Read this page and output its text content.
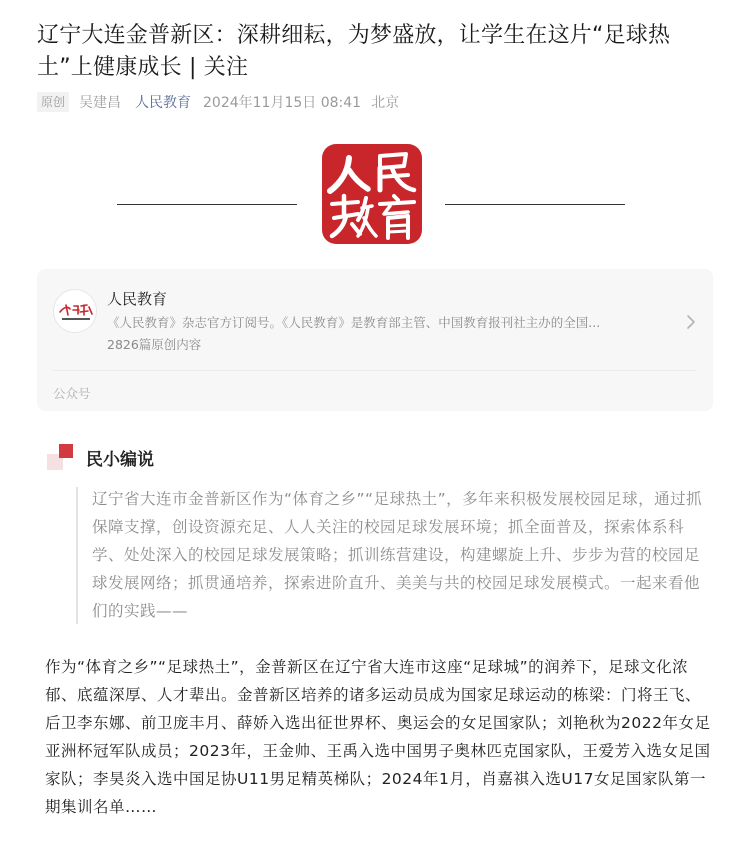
辽宁大连金普新区：深耕细耘，为梦盛放，让学生在这片“足球热土”上健康成长 | 关注
原创 吴建昌 人民教育 2024年11月15日 08:41 北京
人民教育
《人民教育》杂志官方订阅号。《人民教育》是教育部主管、中国教育报刊社主办的全国...
2826篇原创内容
公众号
民小编说

辽宁省大连市金普新区作为“体育之乡”“足球热土”，多年来积极发展校园足球，通过抓保障支撑，创设资源充足、人人关注的校园足球发展环境；抓全面普及，探索体系科学、处处深入的校园足球发展策略；抓训练营建设，构建螺旋上升、步步为营的校园足球发展网络；抓贯通培养，探索进阶直升、美美与共的校园足球发展模式。一起来看他们的实践——

作为“体育之乡”“足球热土”，金普新区在辽宁省大连市这座“足球城”的润养下，足球文化浓郁、底蕴深厚、人才辈出。金普新区培养的诸多运动员成为国家足球运动的栋梁：门将王飞、后卫李东娜、前卫庞丰月、薛娇入选出征世界杯、奥运会的女足国家队；刘艳秋为2022年女足亚洲杯冠军队成员；2023年，王金帅、王禹入选中国男子奥林匹克国家队，王爱芳入选女足国家队；李昊炎入选中国足协U11男足精英梯队；2024年1月，肖嘉祺入选U17女足国家队第一期集训名单……
